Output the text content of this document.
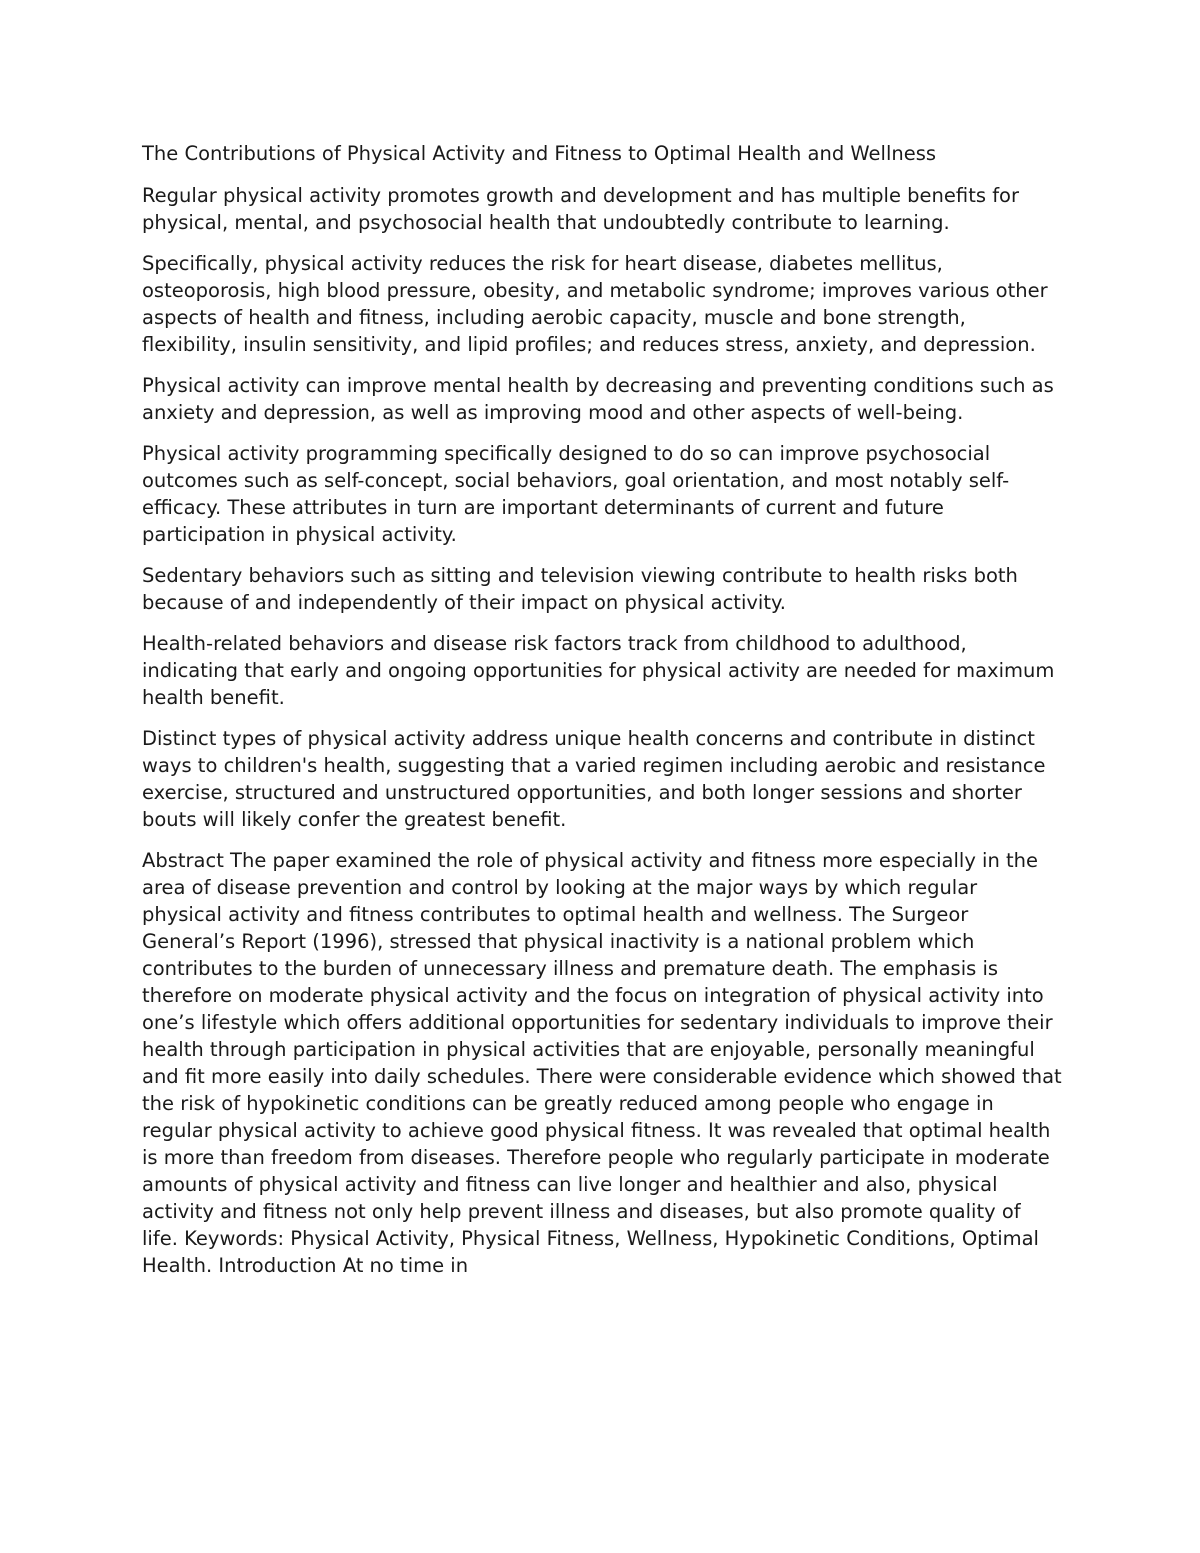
The Contributions of Physical Activity and Fitness to Optimal Health and Wellness

Regular physical activity promotes growth and development and has multiple benefits for physical, mental, and psychosocial health that undoubtedly contribute to learning.

Specifically, physical activity reduces the risk for heart disease, diabetes mellitus, osteoporosis, high blood pressure, obesity, and metabolic syndrome; improves various other aspects of health and fitness, including aerobic capacity, muscle and bone strength, flexibility, insulin sensitivity, and lipid profiles; and reduces stress, anxiety, and depression.

Physical activity can improve mental health by decreasing and preventing conditions such as anxiety and depression, as well as improving mood and other aspects of well-being.

Physical activity programming specifically designed to do so can improve psychosocial outcomes such as self-concept, social behaviors, goal orientation, and most notably self-efficacy. These attributes in turn are important determinants of current and future participation in physical activity.

Sedentary behaviors such as sitting and television viewing contribute to health risks both because of and independently of their impact on physical activity.

Health-related behaviors and disease risk factors track from childhood to adulthood, indicating that early and ongoing opportunities for physical activity are needed for maximum health benefit.

Distinct types of physical activity address unique health concerns and contribute in distinct ways to children's health, suggesting that a varied regimen including aerobic and resistance exercise, structured and unstructured opportunities, and both longer sessions and shorter bouts will likely confer the greatest benefit.

Abstract The paper examined the role of physical activity and fitness more especially in the area of disease prevention and control by looking at the major ways by which regular physical activity and fitness contributes to optimal health and wellness. The Surgeor General’s Report (1996), stressed that physical inactivity is a national problem which contributes to the burden of unnecessary illness and premature death. The emphasis is therefore on moderate physical activity and the focus on integration of physical activity into one’s lifestyle which offers additional opportunities for sedentary individuals to improve their health through participation in physical activities that are enjoyable, personally meaningful and fit more easily into daily schedules. There were considerable evidence which showed that the risk of hypokinetic conditions can be greatly reduced among people who engage in regular physical activity to achieve good physical fitness. It was revealed that optimal health is more than freedom from diseases. Therefore people who regularly participate in moderate amounts of physical activity and fitness can live longer and healthier and also, physical activity and fitness not only help prevent illness and diseases, but also promote quality of life. Keywords: Physical Activity, Physical Fitness, Wellness, Hypokinetic Conditions, Optimal Health. Introduction At no time in
